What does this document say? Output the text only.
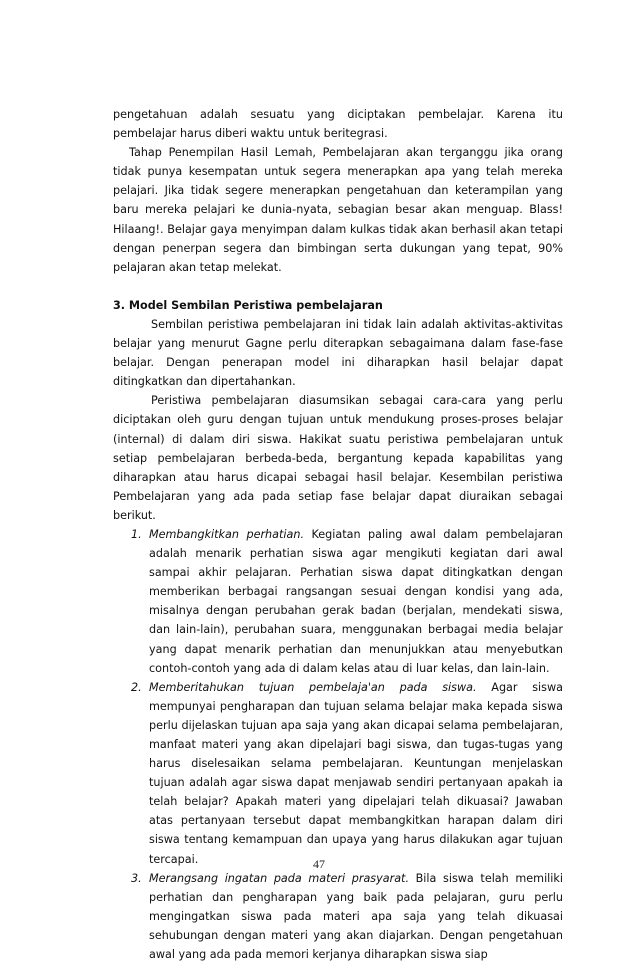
pengetahuan adalah sesuatu yang diciptakan pembelajar. Karena itu pembelajar harus diberi waktu untuk beritegrasi.

Tahap Penempilan Hasil Lemah, Pembelajaran akan terganggu jika orang tidak punya kesempatan untuk segera menerapkan apa yang telah mereka pelajari. Jika tidak segere menerapkan pengetahuan dan keterampilan yang baru mereka pelajari ke dunia-nyata, sebagian besar akan menguap. Blass! Hilaang!. Belajar gaya menyimpan dalam kulkas tidak akan berhasil akan tetapi dengan penerpan segera dan bimbingan serta dukungan yang tepat, 90% pelajaran akan tetap melekat.

3. Model Sembilan Peristiwa pembelajaran

Sembilan peristiwa pembelajaran ini tidak lain adalah aktivitas-aktivitas belajar yang menurut Gagne perlu diterapkan sebagaimana dalam fase-fase belajar. Dengan penerapan model ini diharapkan hasil belajar dapat ditingkatkan dan dipertahankan.

Peristiwa pembelajaran diasumsikan sebagai cara-cara yang perlu diciptakan oleh guru dengan tujuan untuk mendukung proses-proses belajar (internal) di dalam diri siswa. Hakikat suatu peristiwa pembelajaran untuk setiap pembelajaran berbeda-beda, bergantung kepada kapabilitas yang diharapkan atau harus dicapai sebagai hasil belajar. Kesembilan peristiwa Pembelajaran yang ada pada setiap fase belajar dapat diuraikan sebagai berikut.

1. Membangkitkan perhatian. Kegiatan paling awal dalam pembelajaran adalah menarik perhatian siswa agar mengikuti kegiatan dari awal sampai akhir pelajaran. Perhatian siswa dapat ditingkatkan dengan memberikan berbagai rangsangan sesuai dengan kondisi yang ada, misalnya dengan perubahan gerak badan (berjalan, mendekati siswa, dan lain-lain), perubahan suara, menggunakan berbagai media belajar yang dapat menarik perhatian dan menunjukkan atau menyebutkan contoh-contoh yang ada di dalam kelas atau di luar kelas, dan lain-lain.
2. Memberitahukan tujuan pembelaja'an pada siswa. Agar siswa mempunyai pengharapan dan tujuan selama belajar maka kepada siswa perlu dijelaskan tujuan apa saja yang akan dicapai selama pembelajaran, manfaat materi yang akan dipelajari bagi siswa, dan tugas-tugas yang harus diselesaikan selama pembelajaran. Keuntungan menjelaskan tujuan adalah agar siswa dapat menjawab sendiri pertanyaan apakah ia telah belajar? Apakah materi yang dipelajari telah dikuasai? Jawaban atas pertanyaan tersebut dapat membangkitkan harapan dalam diri siswa tentang kemampuan dan upaya yang harus dilakukan agar tujuan tercapai.
3. Merangsang ingatan pada materi prasyarat. Bila siswa telah memiliki perhatian dan pengharapan yang baik pada pelajaran, guru perlu mengingatkan siswa pada materi apa saja yang telah dikuasai sehubungan dengan materi yang akan diajarkan. Dengan pengetahuan awal yang ada pada memori kerjanya diharapkan siswa siap
47
